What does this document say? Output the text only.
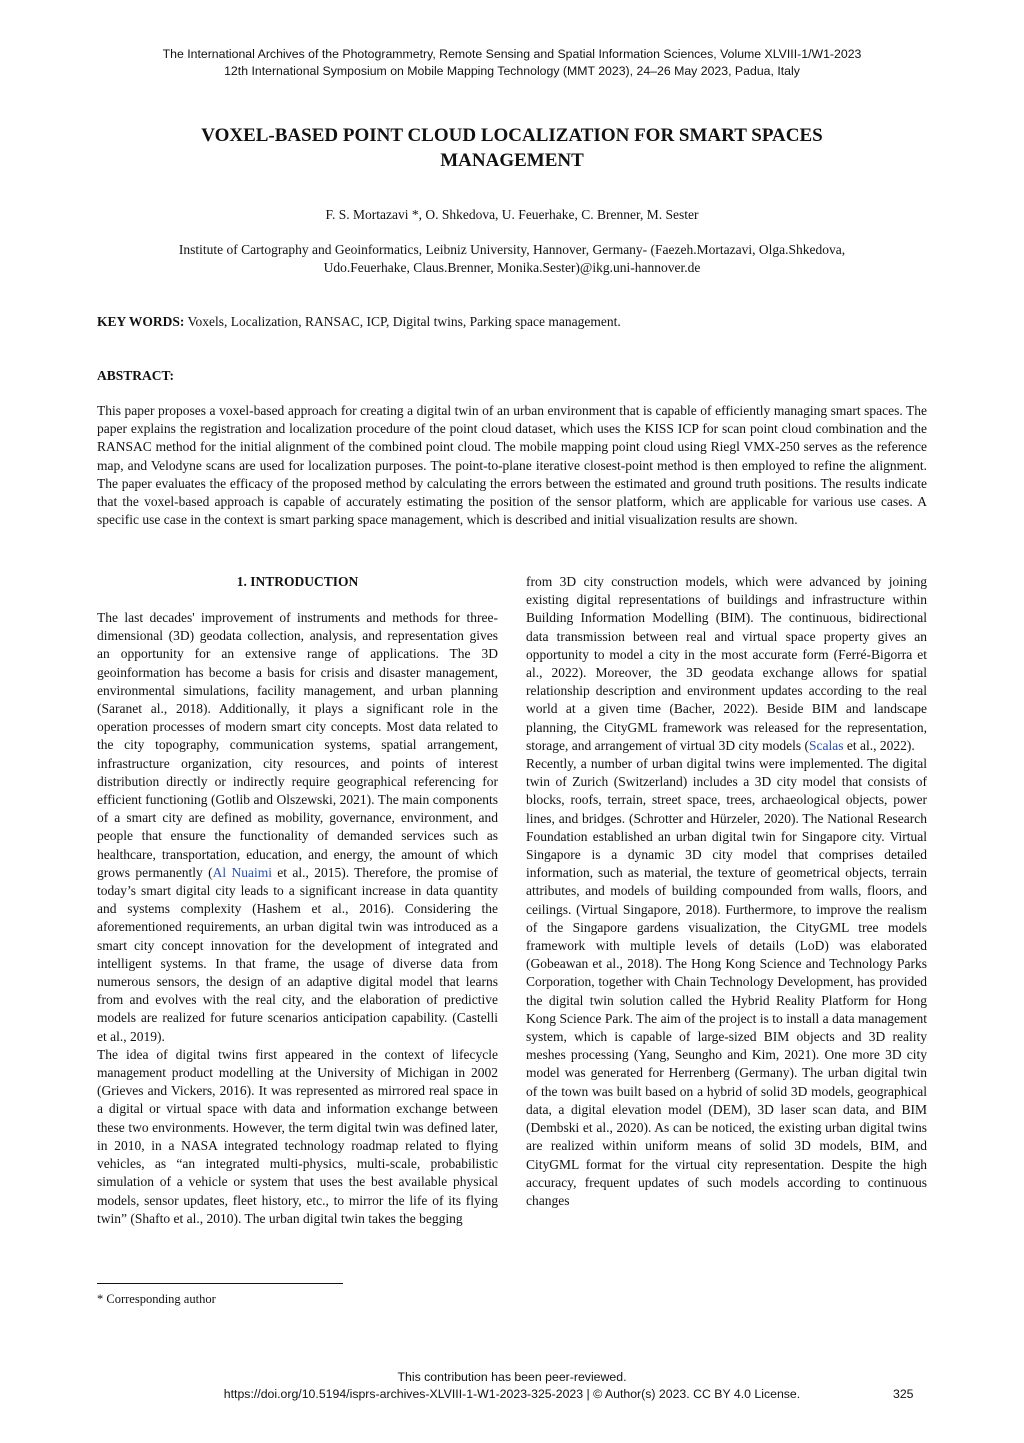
The International Archives of the Photogrammetry, Remote Sensing and Spatial Information Sciences, Volume XLVIII-1/W1-2023
12th International Symposium on Mobile Mapping Technology (MMT 2023), 24–26 May 2023, Padua, Italy
VOXEL-BASED POINT CLOUD LOCALIZATION FOR SMART SPACES
MANAGEMENT
F. S. Mortazavi *, O. Shkedova, U. Feuerhake, C. Brenner, M. Sester
Institute of Cartography and Geoinformatics, Leibniz University, Hannover, Germany- (Faezeh.Mortazavi, Olga.Shkedova,
Udo.Feuerhake, Claus.Brenner, Monika.Sester)@ikg.uni-hannover.de
KEY WORDS: Voxels, Localization, RANSAC, ICP, Digital twins, Parking space management.
ABSTRACT:

This paper proposes a voxel-based approach for creating a digital twin of an urban environment that is capable of efficiently managing smart spaces. The paper explains the registration and localization procedure of the point cloud dataset, which uses the KISS ICP for scan point cloud combination and the RANSAC method for the initial alignment of the combined point cloud. The mobile mapping point cloud using Riegl VMX-250 serves as the reference map, and Velodyne scans are used for localization purposes. The point-to-plane iterative closest-point method is then employed to refine the alignment. The paper evaluates the efficacy of the proposed method by calculating the errors between the estimated and ground truth positions. The results indicate that the voxel-based approach is capable of accurately estimating the position of the sensor platform, which are applicable for various use cases. A specific use case in the context is smart parking space management, which is described and initial visualization results are shown.

1. INTRODUCTION

The last decades' improvement of instruments and methods for three-dimensional (3D) geodata collection, analysis, and representation gives an opportunity for an extensive range of applications. The 3D geoinformation has become a basis for crisis and disaster management, environmental simulations, facility management, and urban planning (Saranet al., 2018). Additionally, it plays a significant role in the operation processes of modern smart city concepts. Most data related to the city topography, communication systems, spatial arrangement, infrastructure organization, city resources, and points of interest distribution directly or indirectly require geographical referencing for efficient functioning (Gotlib and Olszewski, 2021). The main components of a smart city are defined as mobility, governance, environment, and people that ensure the functionality of demanded services such as healthcare, transportation, education, and energy, the amount of which grows permanently (Al Nuaimi et al., 2015). Therefore, the promise of today’s smart digital city leads to a significant increase in data quantity and systems complexity (Hashem et al., 2016). Considering the aforementioned requirements, an urban digital twin was introduced as a smart city concept innovation for the development of integrated and intelligent systems. In that frame, the usage of diverse data from numerous sensors, the design of an adaptive digital model that learns from and evolves with the real city, and the elaboration of predictive models are realized for future scenarios anticipation capability. (Castelli et al., 2019).

The idea of digital twins first appeared in the context of lifecycle management product modelling at the University of Michigan in 2002 (Grieves and Vickers, 2016). It was represented as mirrored real space in a digital or virtual space with data and information exchange between these two environments. However, the term digital twin was defined later, in 2010, in a NASA integrated technology roadmap related to flying vehicles, as “an integrated multi-physics, multi-scale, probabilistic simulation of a vehicle or system that uses the best available physical models, sensor updates, fleet history, etc., to mirror the life of its flying twin” (Shafto et al., 2010). The urban digital twin takes the begging

from 3D city construction models, which were advanced by joining existing digital representations of buildings and infrastructure within Building Information Modelling (BIM). The continuous, bidirectional data transmission between real and virtual space property gives an opportunity to model a city in the most accurate form (Ferré-Bigorra et al., 2022). Moreover, the 3D geodata exchange allows for spatial relationship description and environment updates according to the real world at a given time (Bacher, 2022). Beside BIM and landscape planning, the CityGML framework was released for the representation, storage, and arrangement of virtual 3D city models (Scalas et al., 2022).

Recently, a number of urban digital twins were implemented. The digital twin of Zurich (Switzerland) includes a 3D city model that consists of blocks, roofs, terrain, street space, trees, archaeological objects, power lines, and bridges. (Schrotter and Hürzeler, 2020). The National Research Foundation established an urban digital twin for Singapore city. Virtual Singapore is a dynamic 3D city model that comprises detailed information, such as material, the texture of geometrical objects, terrain attributes, and models of building compounded from walls, floors, and ceilings. (Virtual Singapore, 2018). Furthermore, to improve the realism of the Singapore gardens visualization, the CityGML tree models framework with multiple levels of details (LoD) was elaborated (Gobeawan et al., 2018). The Hong Kong Science and Technology Parks Corporation, together with Chain Technology Development, has provided the digital twin solution called the Hybrid Reality Platform for Hong Kong Science Park. The aim of the project is to install a data management system, which is capable of large-sized BIM objects and 3D reality meshes processing (Yang, Seungho and Kim, 2021). One more 3D city model was generated for Herrenberg (Germany). The urban digital twin of the town was built based on a hybrid of solid 3D models, geographical data, a digital elevation model (DEM), 3D laser scan data, and BIM (Dembski et al., 2020). As can be noticed, the existing urban digital twins are realized within uniform means of solid 3D models, BIM, and CityGML format for the virtual city representation. Despite the high accuracy, frequent updates of such models according to continuous changes

* Corresponding author
This contribution has been peer-reviewed.
https://doi.org/10.5194/isprs-archives-XLVIII-1-W1-2023-325-2023 | © Author(s) 2023. CC BY 4.0 License.	325
